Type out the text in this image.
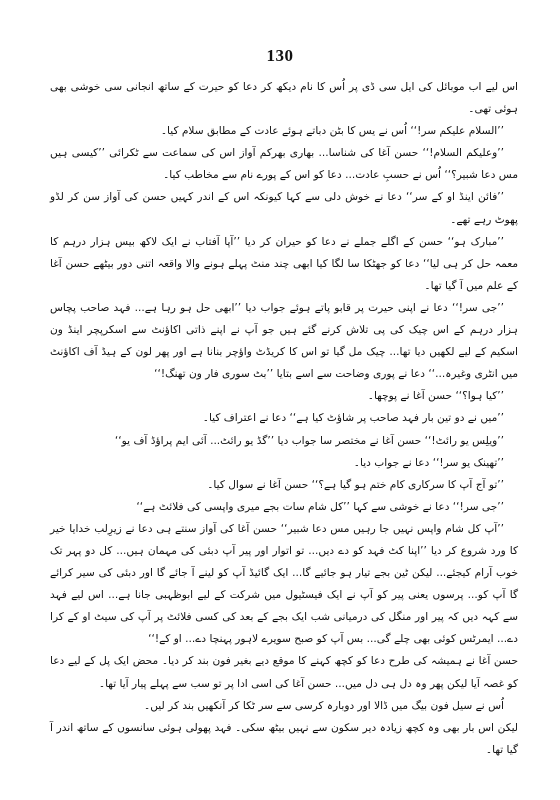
130

اس لیے اب موبائل کی ایل سی ڈی پر اُس کا نام دیکھ کر دعا کو حیرت کے ساتھ انجانی سی خوشی بھی ہوئی تھی۔

’’السلام علیکم سر!‘‘ اُس نے یس کا بٹن دباتے ہوئے عادت کے مطابق سلام کیا۔

’’وعلیکم السلام!‘‘ حسن آغا کی شناسا... بھاری بھرکم آواز اس کی سماعت سے ٹکرائی ’’کیسی ہیں مس دعا شبیر؟‘‘ اُس نے حسبِ عادت... دعا کو اس کے پورے نام سے مخاطب کیا۔

’’فائن اینڈ او کے سر‘‘ دعا نے خوش دلی سے کہا کیونکہ اس کے اندر کہیں حسن کی آواز سن کر لڈو پھوٹ رہے تھے۔

’’مبارک ہو‘‘ حسن کے اگلے جملے نے دعا کو حیران کر دیا ’’آپا آفتاب نے ایک لاکھ بیس ہزار درہم کا معمہ حل کر ہی لیا‘‘ دعا کو جھٹکا سا لگا کیا ابھی چند منٹ پہلے ہونے والا واقعہ اتنی دور بیٹھے حسن آغا کے علم میں آ گیا تھا۔

’’جی سر!‘‘ دعا نے اپنی حیرت پر قابو پاتے ہوئے جواب دیا ’’ابھی حل ہو رہا ہے... فہد صاحب پچاس ہزار درہم کے اس چیک کی پی تلاش کرنے گئے ہیں جو آپ نے اپنے ذاتی اکاؤنٹ سے اسکرپچر اینڈ ون اسکیم کے لیے لکھیں دیا تھا... چیک مل گیا تو اس کا کریڈٹ واؤچر بنانا ہے اور پھر لون کے ہیڈ آف اکاؤنٹ میں انٹری وغیرہ...‘‘ دعا نے پوری وضاحت سے اسے بتایا ’’بٹ سوری فار ون تھنگ!‘‘

’’کیا ہوا؟‘‘ حسن آغا نے پوچھا۔

’’میں نے دو تین بار فہد صاحب پر شاؤٹ کیا ہے‘‘ دعا نے اعتراف کیا۔

’’ویلِس یو رائٹ!‘‘ حسن آغا نے مختصر سا جواب دیا ’’گڈ یو رائٹ... آئی ایم پراؤڈ آف یو‘‘

’’تھینک یو سر!‘‘ دعا نے جواب دیا۔

’’تو آج آپ کا سرکاری کام ختم ہو گیا ہے؟‘‘ حسن آغا نے سوال کیا۔

’’جی سر!‘‘ دعا نے خوشی سے کہا ’’کل شام سات بجے میری واپسی کی فلائٹ ہے‘‘

’’آپ کل شام واپس نہیں جا رہیں مس دعا شبیر‘‘ حسن آغا کی آواز سنتے ہی دعا نے زیرِلب خدایا خیر کا ورد شروع کر دیا ’’اپنا کٹ فہد کو دے دیں... تو اتوار اور پیر آپ دبئی کی مہمان ہیں... کل دو پہر تک خوب آرام کیجئے... لیکن ٹین بجے تیار ہو جائیے گا... ایک گائیڈ آپ کو لینے آ جائے گا اور دبئی کی سیر کرائے گا آپ کو... پرسوں یعنی پیر کو آپ نے ایک فیسٹیول میں شرکت کے لیے ابوظہبی جانا ہے... اس لیے فہد سے کہہ دیں کہ پیر اور منگل کی درمیانی شب ایک بجے کے بعد کی کسی فلائٹ پر آپ کی سیٹ او کے کرا دے... ایمرٹس کوئی بھی چلے گی... بس آپ کو صبح سویرے لاہور پہنچا دے... او کے!‘‘

حسن آغا نے ہمیشہ کی طرح دعا کو کچھ کہنے کا موقع دیے بغیر فون بند کر دیا۔ محض ایک پل کے لیے دعا کو غصہ آیا لیکن پھر وہ دل ہی دل میں... حسن آغا کی اسی ادا پر تو سب سے پہلے پیار آیا تھا۔

اُس نے سیل فون بیگ میں ڈالا اور دوبارہ کرسی سے سر ٹکا کر آنکھیں بند کر لیں۔

لیکن اس بار بھی وہ کچھ زیادہ دیر سکون سے نہیں بیٹھ سکی۔ فہد پھولی ہوئی سانسوں کے ساتھ اندر آ گیا تھا۔
